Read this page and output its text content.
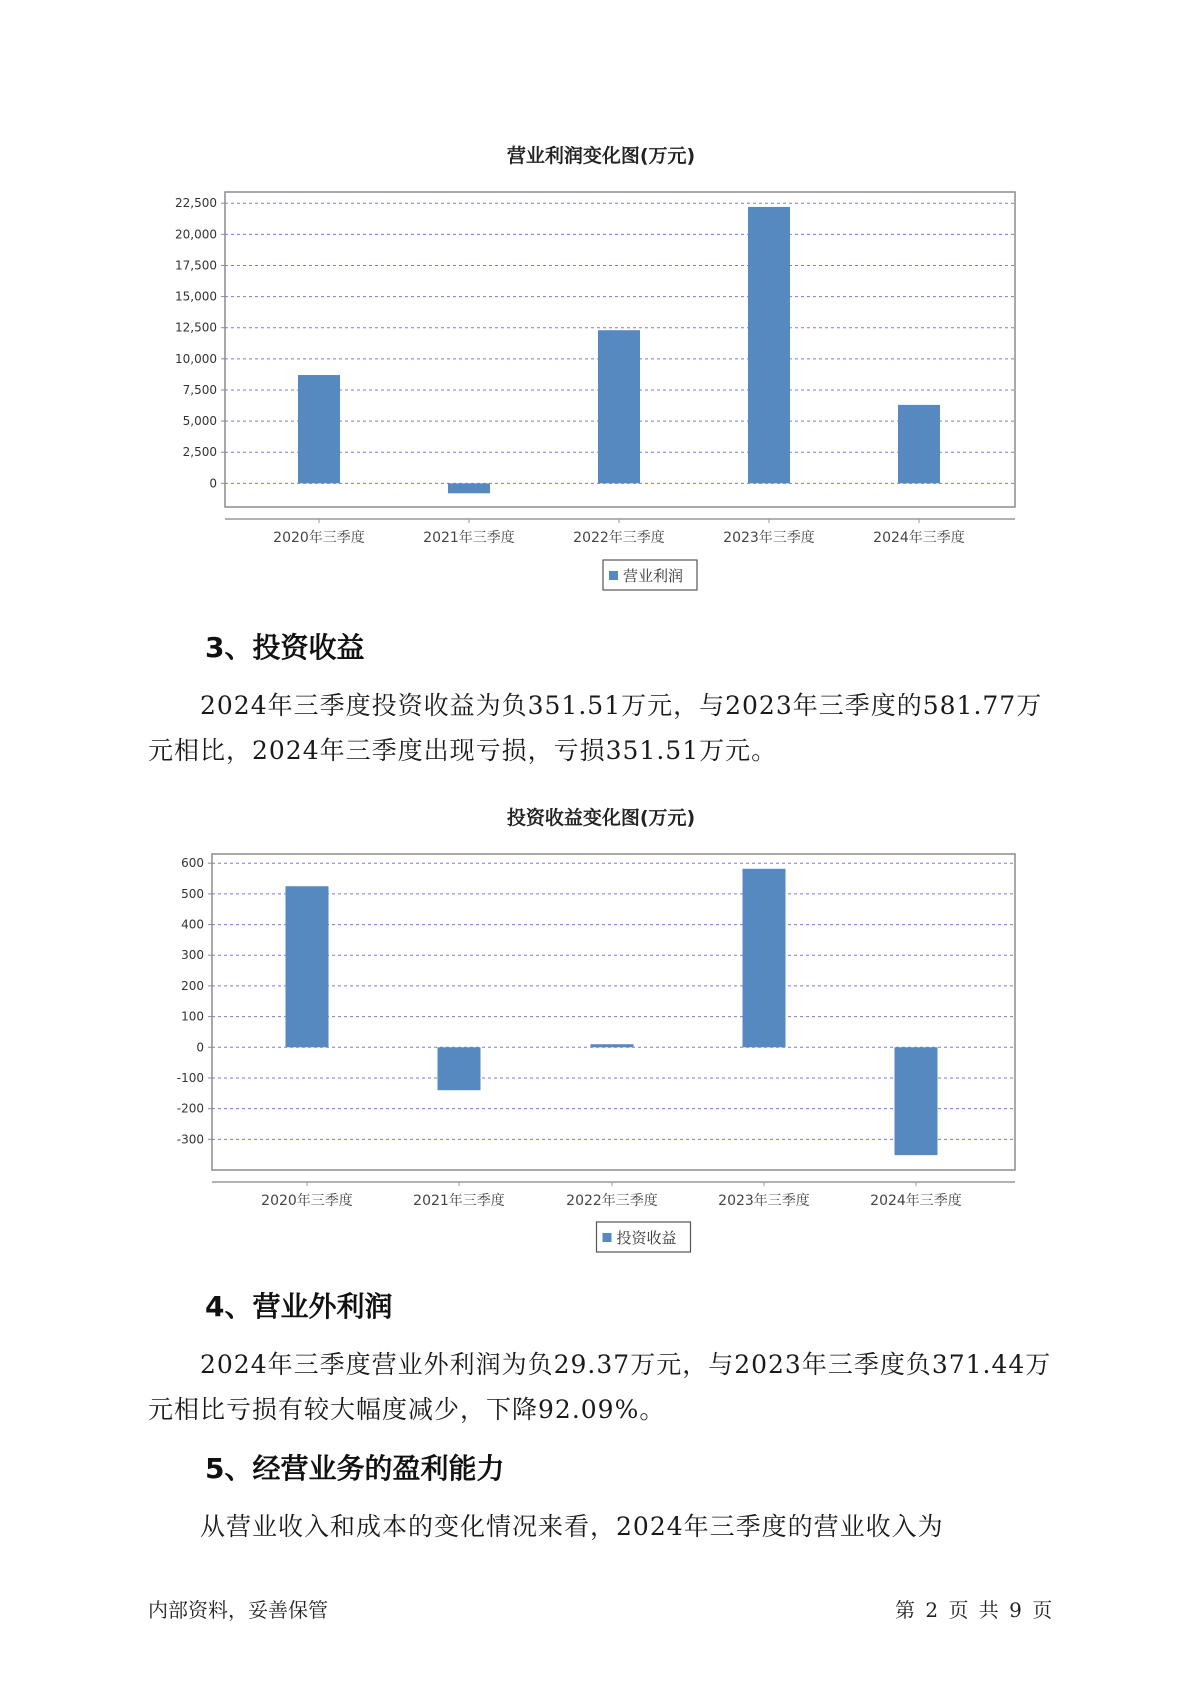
营业利润变化图(万元)
0
2,500
5,000
7,500
10,000
12,500
15,000
17,500
20,000
22,500
2020年三季度	2021年三季度	2022年三季度	2023年三季度	2024年三季度
营业利润
3、投资收益
2024年三季度投资收益为负351.51万元，与2023年三季度的581.77万
元相比，2024年三季度出现亏损，亏损351.51万元。
投资收益变化图(万元)
-300
-200
-100
0
100
200
300
400
500
600
2020年三季度	2021年三季度	2022年三季度	2023年三季度	2024年三季度
投资收益
4、营业外利润
2024年三季度营业外利润为负29.37万元，与2023年三季度负371.44万
元相比亏损有较大幅度减少，下降92.09%。
5、经营业务的盈利能力
从营业收入和成本的变化情况来看，2024年三季度的营业收入为
内部资料，妥善保管	第 2 页 共 9 页
